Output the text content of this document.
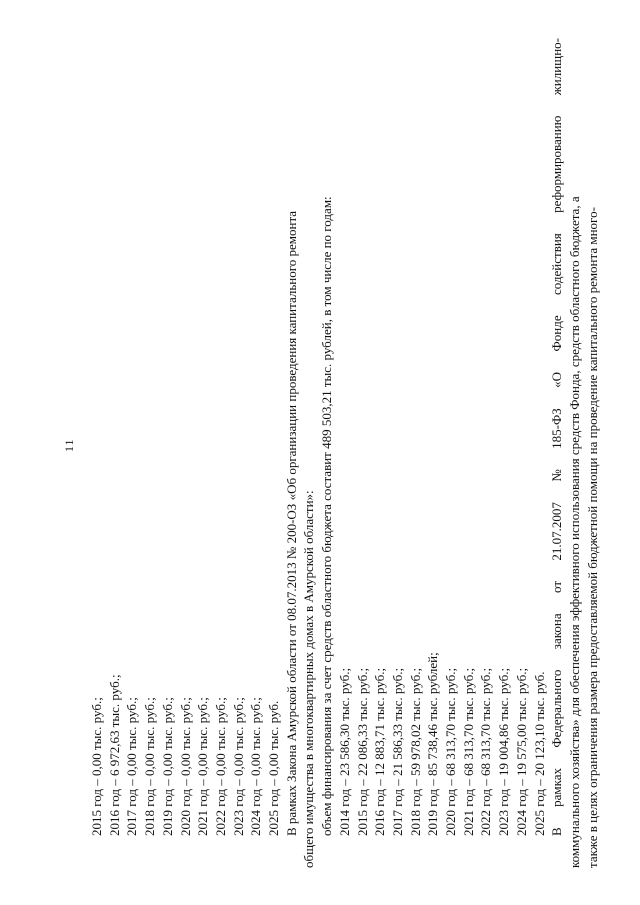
11
2015 год – 0,00 тыс. руб.; 2016 год – 6 972,63 тыс. руб.; 2017 год – 0,00 тыс. руб.; 2018 год – 0,00 тыс. руб.; 2019 год – 0,00 тыс. руб.; 2020 год – 0,00 тыс. руб.; 2021 год – 0,00 тыс. руб.; 2022 год – 0,00 тыс. руб.; 2023 год – 0,00 тыс. руб.; 2024 год – 0,00 тыс. руб.; 2025 год – 0,00 тыс. руб. В рамках Закона Амурской области от 08.07.2013 № 200-ОЗ «Об организации проведения капитального ремонта общего имущества в многоквартирных домах в Амурской области»: объем финансирования за счет средств областного бюджета составит 489 503,21 тыс. рублей, в том числе по годам: 2014 год – 23 586,30 тыс. руб.; 2015 год – 22 086,33 тыс. руб.; 2016 год – 12 883,71 тыс. руб.; 2017 год – 21 586,33 тыс. руб.; 2018 год – 59 978,02 тыс. руб.; 2019 год – 85 738,46 тыс. рублей; 2020 год – 68 313,70 тыс. руб.; 2021 год – 68 313,70 тыс. руб.; 2022 год – 68 313,70 тыс. руб.; 2023 год – 19 004,86 тыс. руб.; 2024 год – 19 575,00 тыс. руб.; 2025 год – 20 123,10 тыс. руб. В
рамках
Федерального
закона
от
21.07.2007
№
185-ФЗ
«О
Фонде
содействия
реформированию
жилищно-
коммунального хозяйства» для обеспечения эффективного использования средств Фонда, средств областного бюджета, а также в целях ограничения размера предоставляемой бюджетной помощи на проведение капитального ремонта много-
